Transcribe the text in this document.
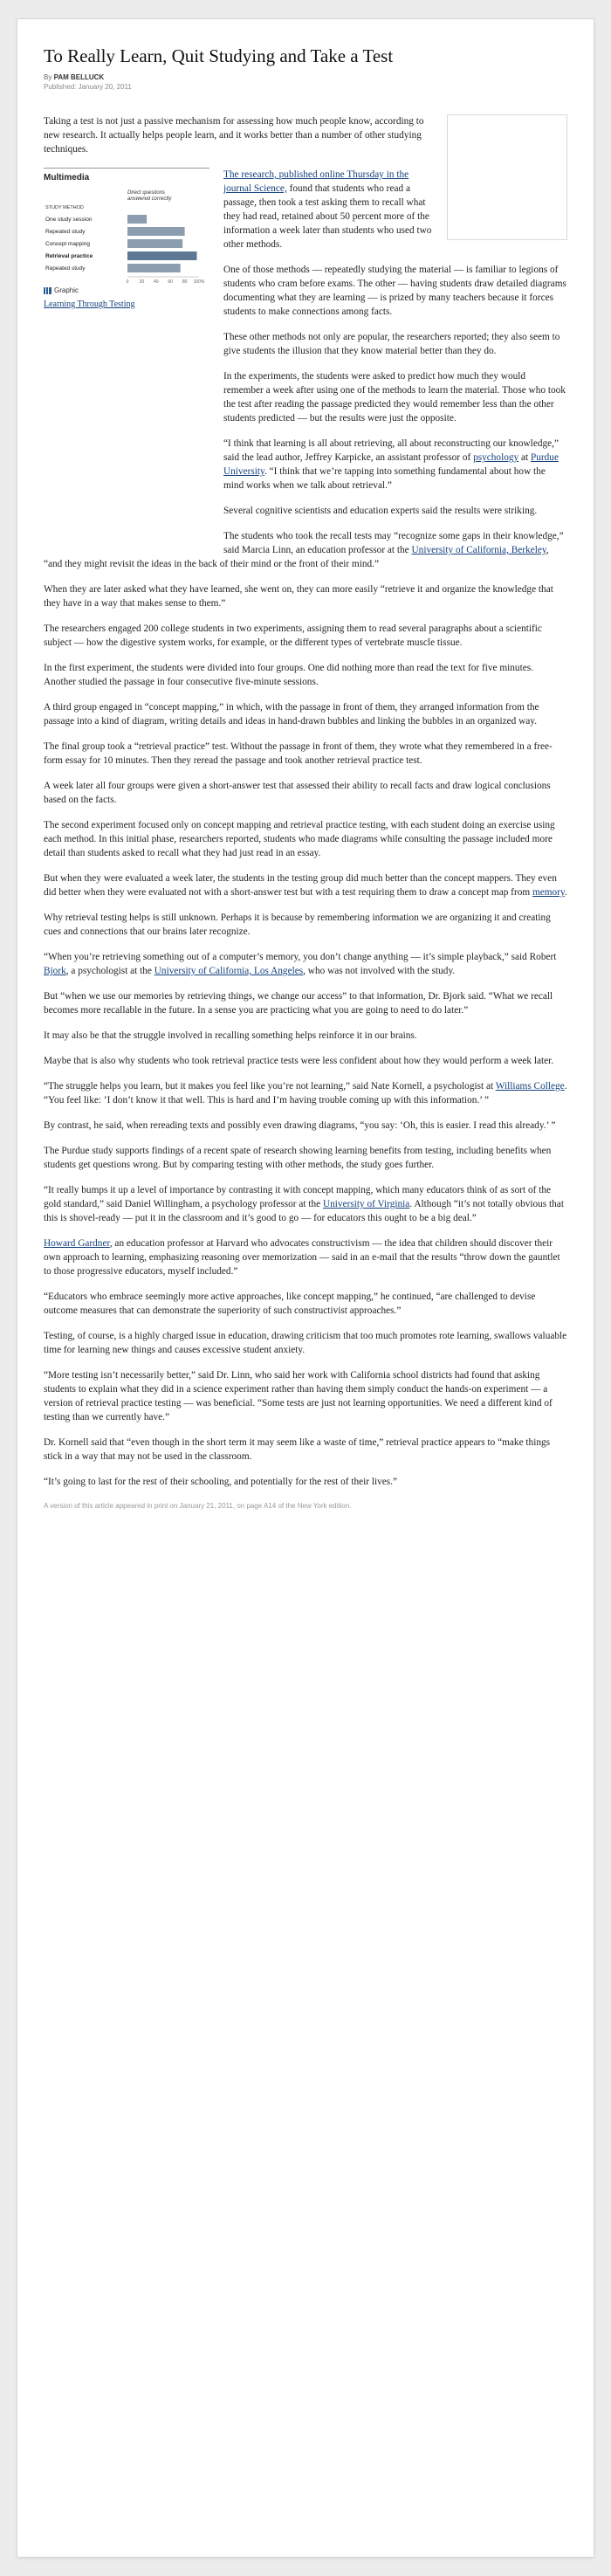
To Really Learn, Quit Studying and Take a Test
By PAM BELLUCK
Published: January 20, 2011

Taking a test is not just a passive mechanism for assessing how much people know, according to new research. It actually helps people learn, and it works better than a number of other studying techniques.

Multimedia
STUDY METHOD
Direct questions
answered correctly
One study session
Repeated study
Concept mapping
Retrieval practice
Repeated study
0 20 40 60 80 100%
Graphic
Learning Through Testing

The research, published online Thursday in the journal Science, found that students who read a passage, then took a test asking them to recall what they had read, retained about 50 percent more of the information a week later than students who used two other methods.

One of those methods — repeatedly studying the material — is familiar to legions of students who cram before exams. The other — having students draw detailed diagrams documenting what they are learning — is prized by many teachers because it forces students to make connections among facts.

These other methods not only are popular, the researchers reported; they also seem to give students the illusion that they know material better than they do.

In the experiments, the students were asked to predict how much they would remember a week after using one of the methods to learn the material. Those who took the test after reading the passage predicted they would remember less than the other students predicted — but the results were just the opposite.

“I think that learning is all about retrieving, all about reconstructing our knowledge,” said the lead author, Jeffrey Karpicke, an assistant professor of psychology at Purdue University. “I think that we’re tapping into something fundamental about how the mind works when we talk about retrieval.”

Several cognitive scientists and education experts said the results were striking.

The students who took the recall tests may “recognize some gaps in their knowledge,” said Marcia Linn, an education professor at the University of California, Berkeley, “and they might revisit the ideas in the back of their mind or the front of their mind.”

When they are later asked what they have learned, she went on, they can more easily “retrieve it and organize the knowledge that they have in a way that makes sense to them.”

The researchers engaged 200 college students in two experiments, assigning them to read several paragraphs about a scientific subject — how the digestive system works, for example, or the different types of vertebrate muscle tissue.

In the first experiment, the students were divided into four groups. One did nothing more than read the text for five minutes. Another studied the passage in four consecutive five-minute sessions.

A third group engaged in “concept mapping,” in which, with the passage in front of them, they arranged information from the passage into a kind of diagram, writing details and ideas in hand-drawn bubbles and linking the bubbles in an organized way.

The final group took a “retrieval practice” test. Without the passage in front of them, they wrote what they remembered in a free-form essay for 10 minutes. Then they reread the passage and took another retrieval practice test.

A week later all four groups were given a short-answer test that assessed their ability to recall facts and draw logical conclusions based on the facts.

The second experiment focused only on concept mapping and retrieval practice testing, with each student doing an exercise using each method. In this initial phase, researchers reported, students who made diagrams while consulting the passage included more detail than students asked to recall what they had just read in an essay.

But when they were evaluated a week later, the students in the testing group did much better than the concept mappers. They even did better when they were evaluated not with a short-answer test but with a test requiring them to draw a concept map from memory.

Why retrieval testing helps is still unknown. Perhaps it is because by remembering information we are organizing it and creating cues and connections that our brains later recognize.

“When you’re retrieving something out of a computer’s memory, you don’t change anything — it’s simple playback,” said Robert Bjork, a psychologist at the University of California, Los Angeles, who was not involved with the study.

But “when we use our memories by retrieving things, we change our access” to that information, Dr. Bjork said. “What we recall becomes more recallable in the future. In a sense you are practicing what you are going to need to do later.”

It may also be that the struggle involved in recalling something helps reinforce it in our brains.

Maybe that is also why students who took retrieval practice tests were less confident about how they would perform a week later.

“The struggle helps you learn, but it makes you feel like you’re not learning,” said Nate Kornell, a psychologist at Williams College. “You feel like: ‘I don’t know it that well. This is hard and I’m having trouble coming up with this information.’ ”

By contrast, he said, when rereading texts and possibly even drawing diagrams, “you say: ‘Oh, this is easier. I read this already.’ ”

The Purdue study supports findings of a recent spate of research showing learning benefits from testing, including benefits when students get questions wrong. But by comparing testing with other methods, the study goes further.

“It really bumps it up a level of importance by contrasting it with concept mapping, which many educators think of as sort of the gold standard,” said Daniel Willingham, a psychology professor at the University of Virginia. Although “it’s not totally obvious that this is shovel-ready — put it in the classroom and it’s good to go — for educators this ought to be a big deal.”

Howard Gardner, an education professor at Harvard who advocates constructivism — the idea that children should discover their own approach to learning, emphasizing reasoning over memorization — said in an e-mail that the results “throw down the gauntlet to those progressive educators, myself included.”

“Educators who embrace seemingly more active approaches, like concept mapping,” he continued, “are challenged to devise outcome measures that can demonstrate the superiority of such constructivist approaches.”

Testing, of course, is a highly charged issue in education, drawing criticism that too much promotes rote learning, swallows valuable time for learning new things and causes excessive student anxiety.

“More testing isn’t necessarily better,” said Dr. Linn, who said her work with California school districts had found that asking students to explain what they did in a science experiment rather than having them simply conduct the hands-on experiment — a version of retrieval practice testing — was beneficial. “Some tests are just not learning opportunities. We need a different kind of testing than we currently have.”

Dr. Kornell said that “even though in the short term it may seem like a waste of time,” retrieval practice appears to “make things stick in a way that may not be used in the classroom.

“It’s going to last for the rest of their schooling, and potentially for the rest of their lives.”

A version of this article appeared in print on January 21, 2011, on page A14 of the New York edition.
